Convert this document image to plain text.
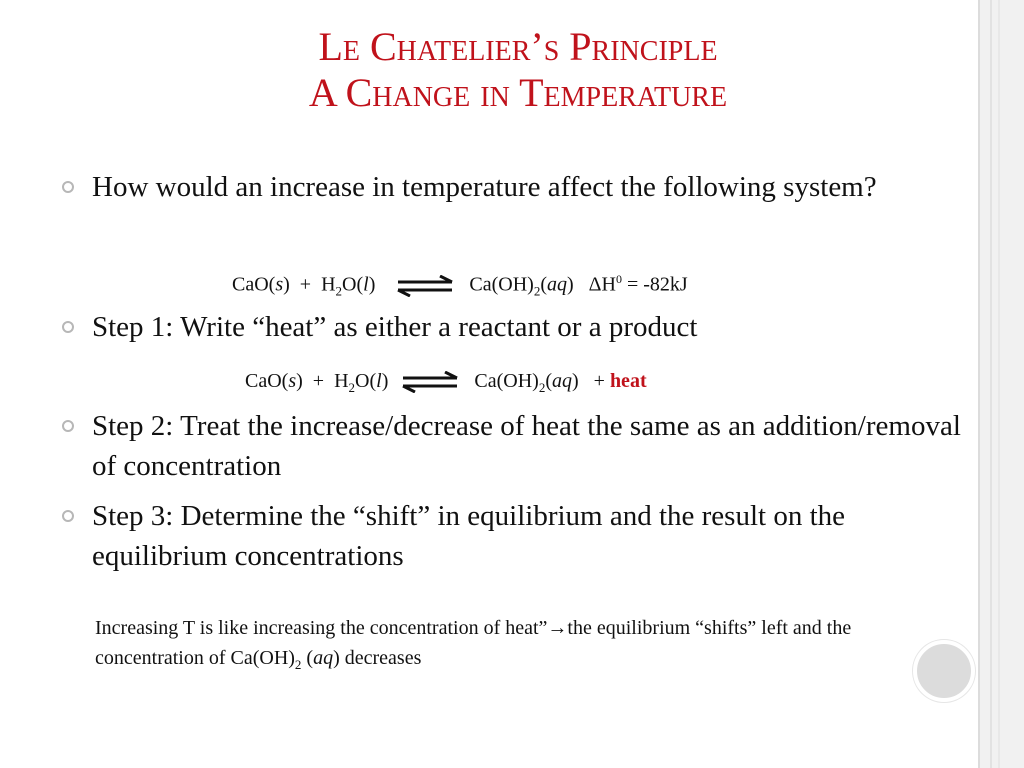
Le Chatelier’s Principle
A Change in Temperature
How would an increase in temperature affect the following system?
$CaO(s) + H_2O(l)$ ⇌ $Ca(OH)_2(aq) \Delta H^0 = -82kJ$
Step 1: Write “heat” as either a reactant or a product
$CaO(s) + H_2O(l)$ ⇌ $Ca(OH)_2(aq)$ + heat
Step 2: Treat the increase/decrease of heat the same as an addition/removal of concentration
Step 3: Determine the “shift” in equilibrium and the result on the equilibrium concentrations
Increasing T is like increasing the concentration of heat”→the equilibrium “shifts” left and the concentration of $Ca(OH)_2$ (aq) decreases
